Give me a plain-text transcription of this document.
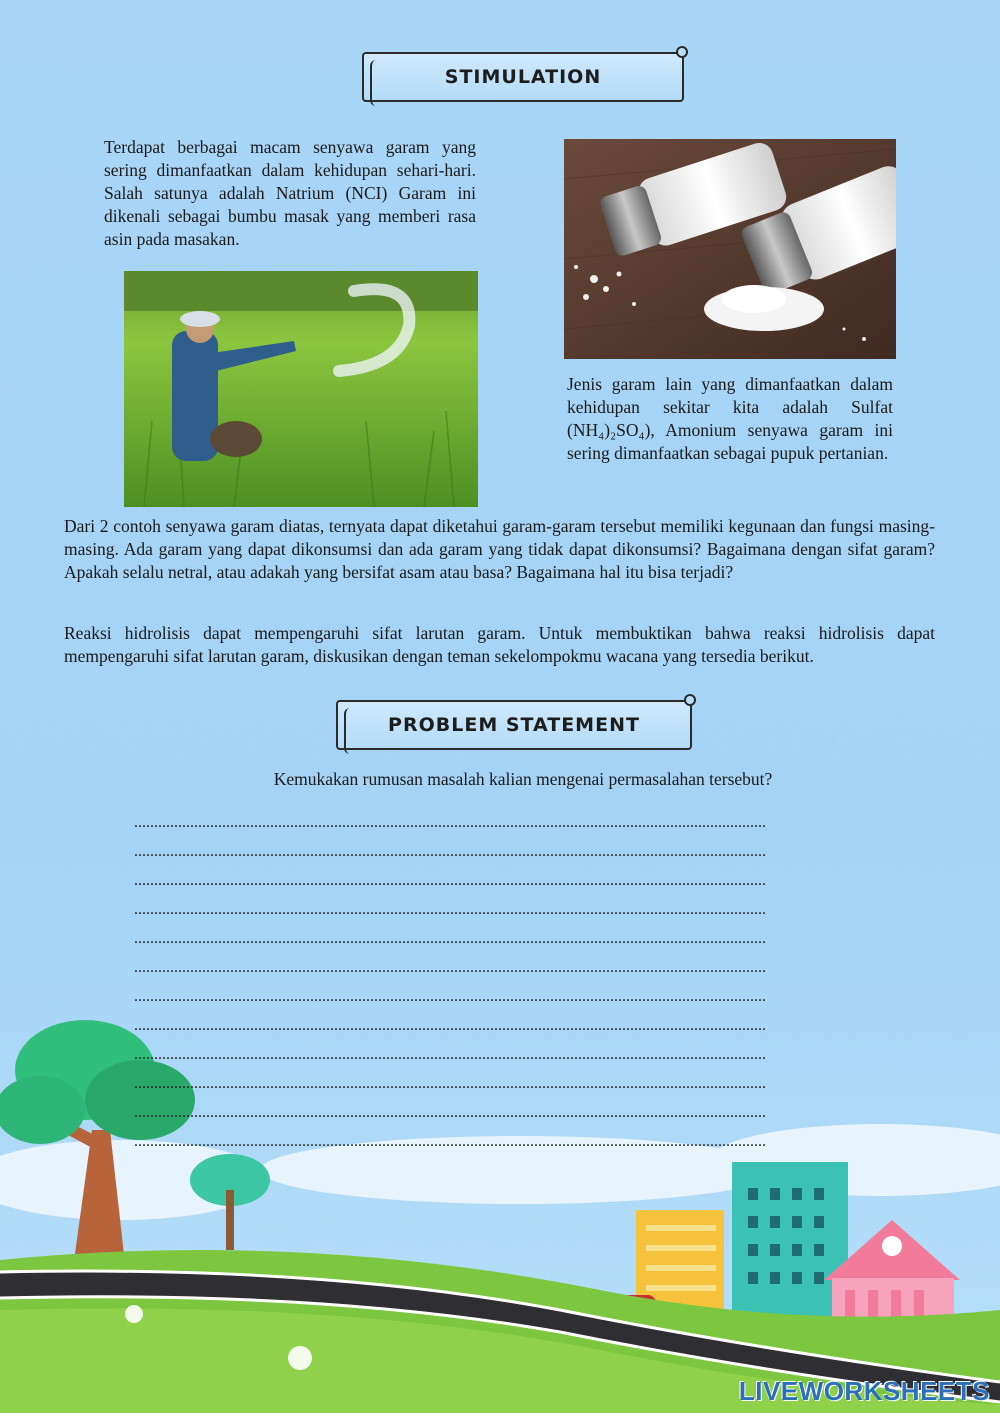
STIMULATION
Terdapat berbagai macam senyawa garam yang sering dimanfaatkan dalam kehidupan sehari-hari. Salah satunya adalah Natrium (NCI) Garam ini dikenali sebagai bumbu masak yang memberi rasa asin pada masakan.
Jenis garam lain yang dimanfaatkan dalam kehidupan sekitar kita adalah Sulfat (NH₄)₂SO₄), Amonium senyawa garam ini sering dimanfaatkan sebagai pupuk pertanian.
Dari 2 contoh senyawa garam diatas, ternyata dapat diketahui garam-garam tersebut memiliki kegunaan dan fungsi masing- masing. Ada garam yang dapat dikonsumsi dan ada garam yang tidak dapat dikonsumsi? Bagaimana dengan sifat garam? Apakah selalu netral, atau adakah yang bersifat asam atau basa? Bagaimana hal itu bisa terjadi?
Reaksi hidrolisis dapat mempengaruhi sifat larutan garam. Untuk membuktikan bahwa reaksi hidrolisis dapat mempengaruhi sifat larutan garam, diskusikan dengan teman sekelompokmu wacana yang tersedia berikut.
PROBLEM STATEMENT
Kemukakan rumusan masalah kalian mengenai permasalahan tersebut?
..............................................................................................................................................................
..............................................................................................................................................................
..............................................................................................................................................................
..............................................................................................................................................................
..............................................................................................................................................................
..............................................................................................................................................................
..............................................................................................................................................................
..............................................................................................................................................................
..............................................................................................................................................................
..............................................................................................................................................................
..............................................................................................................................................................
..............................................................................................................................................................
LIVEWORKSHEETS
